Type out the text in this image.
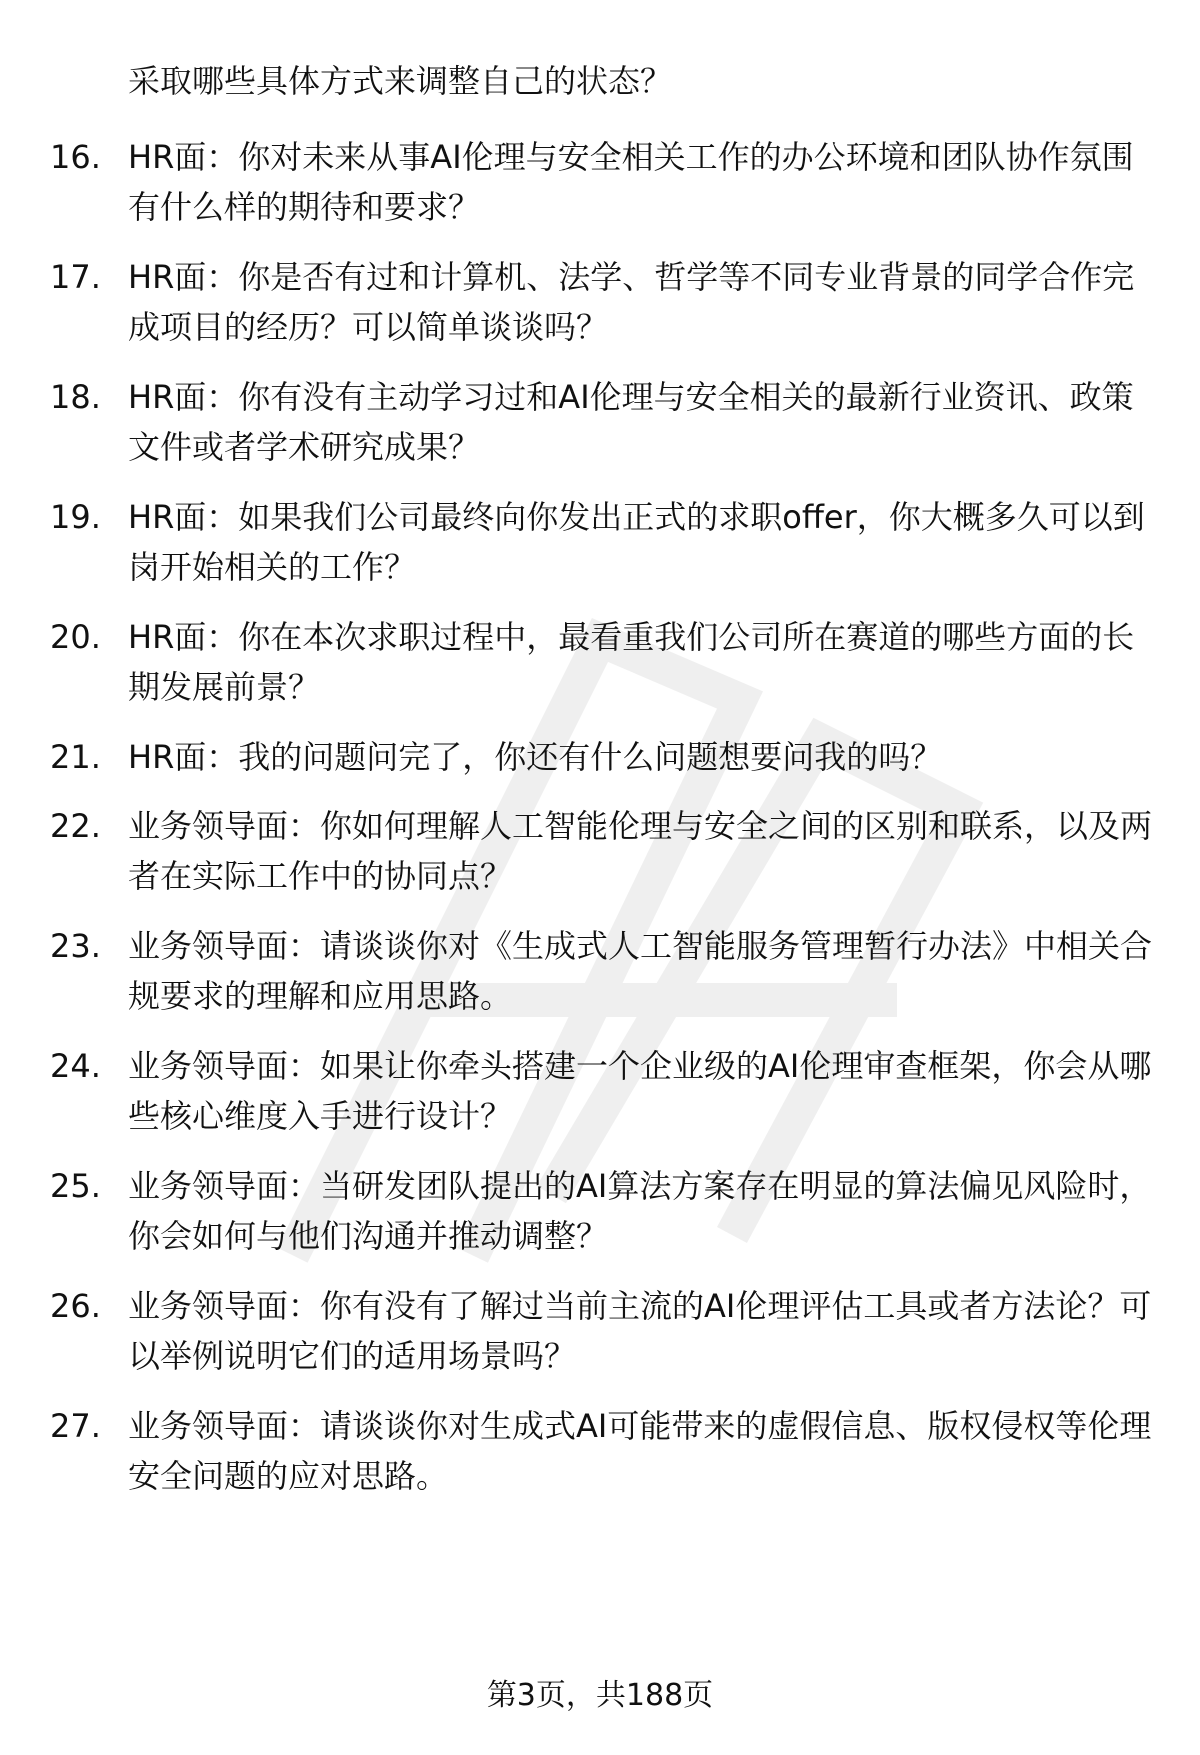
采取哪些具体方式来调整自己的状态？

16. HR面：你对未来从事AI伦理与安全相关工作的办公环境和团队协作氛围有什么样的期待和要求？
17. HR面：你是否有过和计算机、法学、哲学等不同专业背景的同学合作完成项目的经历？可以简单谈谈吗？
18. HR面：你有没有主动学习过和AI伦理与安全相关的最新行业资讯、政策文件或者学术研究成果？
19. HR面：如果我们公司最终向你发出正式的求职offer，你大概多久可以到岗开始相关的工作？
20. HR面：你在本次求职过程中，最看重我们公司所在赛道的哪些方面的长期发展前景？
21. HR面：我的问题问完了，你还有什么问题想要问我的吗？
22. 业务领导面：你如何理解人工智能伦理与安全之间的区别和联系，以及两者在实际工作中的协同点？
23. 业务领导面：请谈谈你对《生成式人工智能服务管理暂行办法》中相关合规要求的理解和应用思路。
24. 业务领导面：如果让你牵头搭建一个企业级的AI伦理审查框架，你会从哪些核心维度入手进行设计？
25. 业务领导面：当研发团队提出的AI算法方案存在明显的算法偏见风险时，你会如何与他们沟通并推动调整？
26. 业务领导面：你有没有了解过当前主流的AI伦理评估工具或者方法论？可以举例说明它们的适用场景吗？
27. 业务领导面：请谈谈你对生成式AI可能带来的虚假信息、版权侵权等伦理安全问题的应对思路。
第3页，共188页
